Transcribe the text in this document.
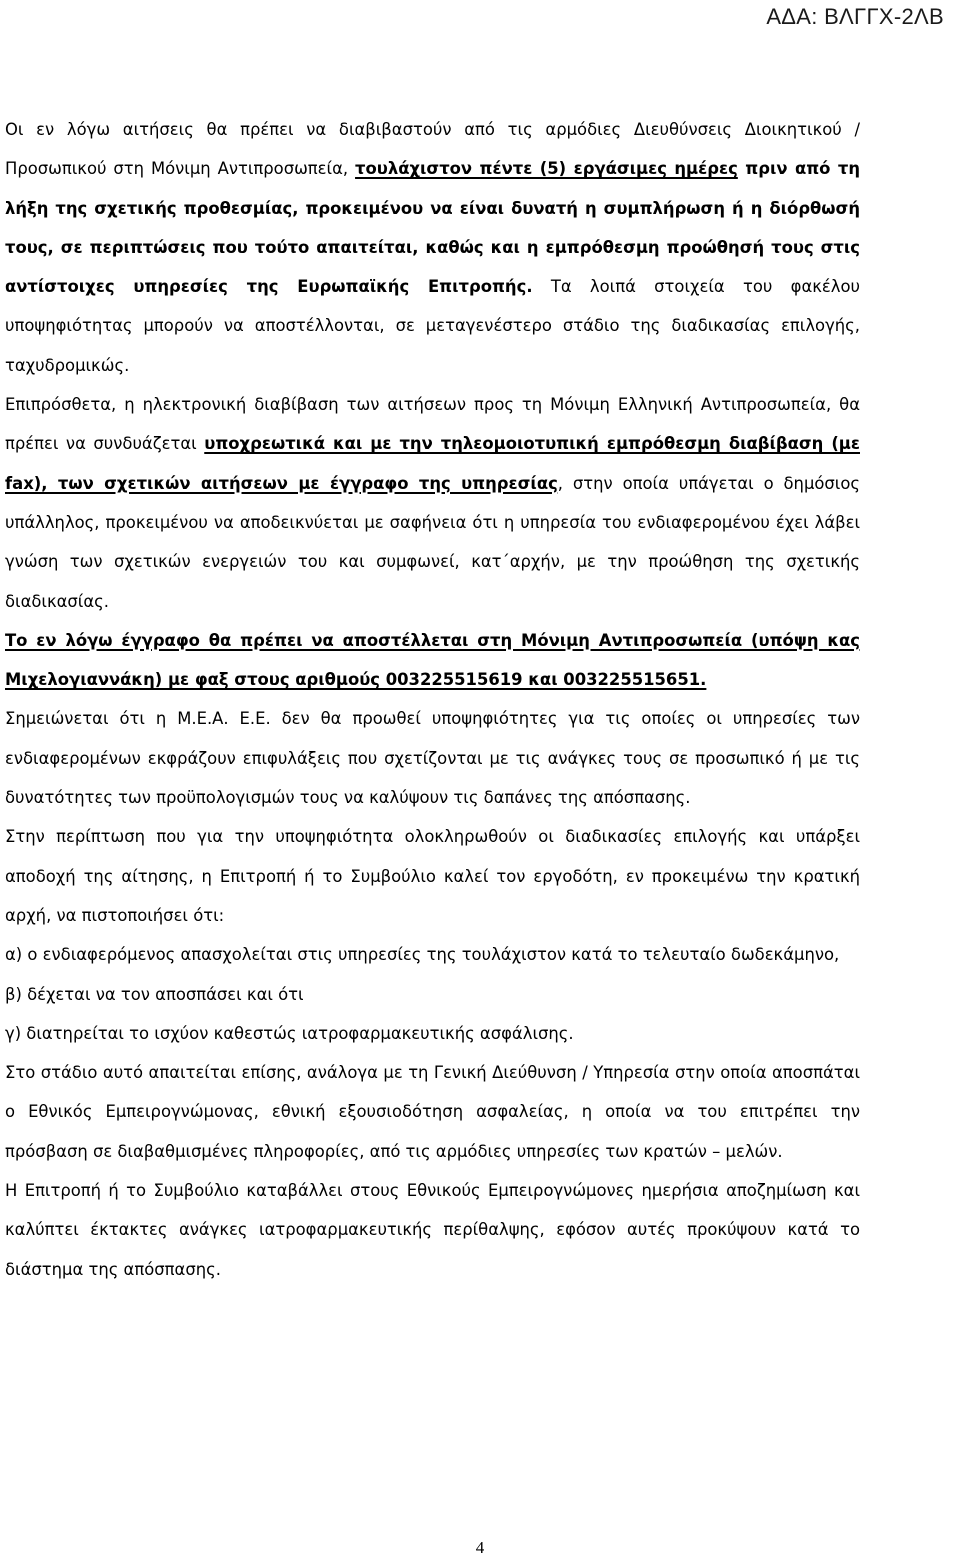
ΑΔΑ: ΒΛΓΓΧ-2ΛΒ

Οι εν λόγω αιτήσεις θα πρέπει να διαβιβαστούν από τις αρμόδιες Διευθύνσεις Διοικητικού /Προσωπικού στη Μόνιμη Αντιπροσωπεία, τουλάχιστον πέντε (5) εργάσιμες ημέρες πριν από τη λήξη της σχετικής προθεσμίας, προκειμένου να είναι δυνατή η συμπλήρωση ή η διόρθωσή τους, σε περιπτώσεις που τούτο απαιτείται, καθώς και η εμπρόθεσμη προώθησή τους στις αντίστοιχες υπηρεσίες της Ευρωπαϊκής Επιτροπής. Τα λοιπά στοιχεία του φακέλου υποψηφιότητας μπορούν να αποστέλλονται, σε μεταγενέστερο στάδιο της διαδικασίας επιλογής, ταχυδρομικώς.

Επιπρόσθετα, η ηλεκτρονική διαβίβαση των αιτήσεων προς τη Μόνιμη Ελληνική Αντιπροσωπεία, θα πρέπει να συνδυάζεται υποχρεωτικά και με την τηλεομοιοτυπική εμπρόθεσμη διαβίβαση (με fax), των σχετικών αιτήσεων με έγγραφο της υπηρεσίας, στην οποία υπάγεται ο δημόσιος υπάλληλος, προκειμένου να αποδεικνύεται με σαφήνεια ότι η υπηρεσία του ενδιαφερομένου έχει λάβει γνώση των σχετικών ενεργειών του και συμφωνεί, κατ΄αρχήν, με την προώθηση της σχετικής διαδικασίας.

Το εν λόγω έγγραφο θα πρέπει να αποστέλλεται στη Μόνιμη Αντιπροσωπεία (υπόψη κας Μιχελογιαννάκη) με φαξ στους αριθμούς 003225515619 και 003225515651.

Σημειώνεται ότι η Μ.Ε.Α. Ε.Ε. δεν θα προωθεί υποψηφιότητες για τις οποίες οι υπηρεσίες των ενδιαφερομένων εκφράζουν επιφυλάξεις που σχετίζονται με τις ανάγκες τους σε προσωπικό ή με τις δυνατότητες των προϋπολογισμών τους να καλύψουν τις δαπάνες της απόσπασης.

Στην περίπτωση που για την υποψηφιότητα ολοκληρωθούν οι διαδικασίες επιλογής και υπάρξει αποδοχή της αίτησης, η Επιτροπή ή το Συμβούλιο καλεί τον εργοδότη, εν προκειμένω την κρατική αρχή, να πιστοποιήσει ότι:

α) ο ενδιαφερόμενος απασχολείται στις υπηρεσίες της τουλάχιστον κατά το τελευταίο δωδεκάμηνο,

β) δέχεται να τον αποσπάσει και ότι

γ) διατηρείται το ισχύον καθεστώς ιατροφαρμακευτικής ασφάλισης.

Στο στάδιο αυτό απαιτείται επίσης, ανάλογα με τη Γενική Διεύθυνση / Υπηρεσία στην οποία αποσπάται ο Εθνικός Εμπειρογνώμονας, εθνική εξουσιοδότηση ασφαλείας, η οποία να του επιτρέπει την πρόσβαση σε διαβαθμισμένες πληροφορίες, από τις αρμόδιες υπηρεσίες των κρατών – μελών.

Η Επιτροπή ή το Συμβούλιο καταβάλλει στους Εθνικούς Εμπειρογνώμονες ημερήσια αποζημίωση και καλύπτει έκτακτες ανάγκες ιατροφαρμακευτικής περίθαλψης, εφόσον αυτές προκύψουν κατά το διάστημα της απόσπασης.

4
